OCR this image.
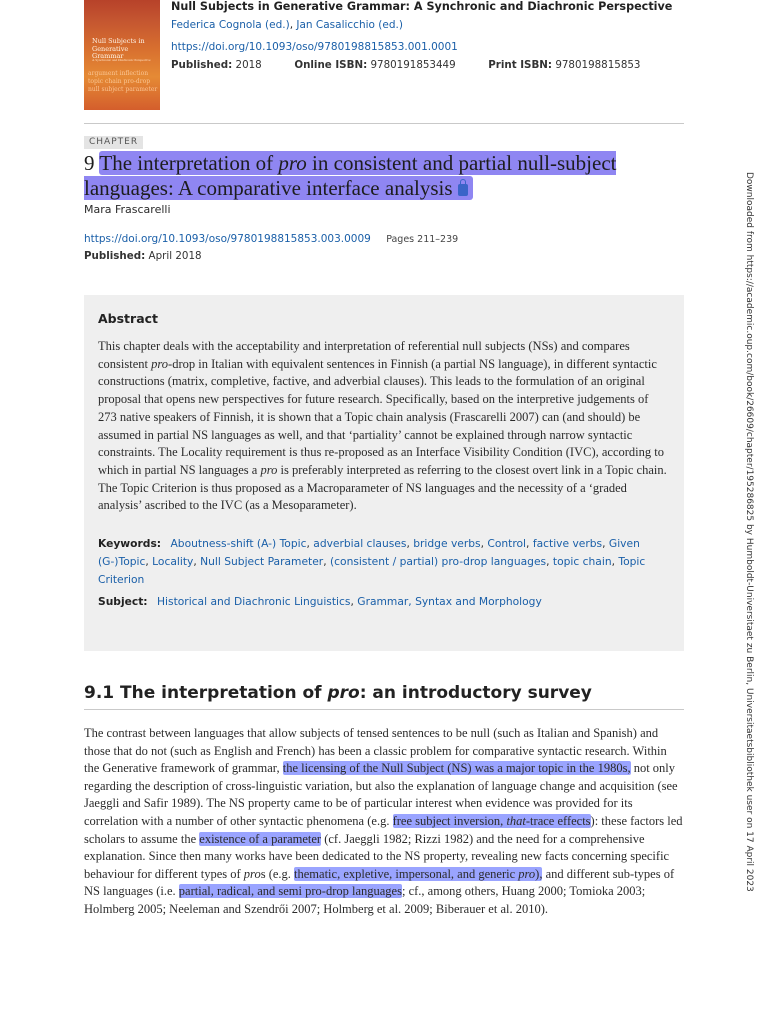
Null Subjects in Generative Grammar
A Synchronic and Diachronic Perspective
argument inflection topic chain pro-drop null subject parameter
Null Subjects in Generative Grammar: A Synchronic and Diachronic Perspective
Federica Cognola (ed.), Jan Casalicchio (ed.)
https://doi.org/10.1093/oso/9780198815853.001.0001
Published: 2018	Online ISBN: 9780191853449	Print ISBN: 9780198815853
CHAPTER
9 The interpretation of pro in consistent and partial null-subject languages: A comparative interface analysis
Mara Frascarelli
https://doi.org/10.1093/oso/9780198815853.003.0009 Pages 211–239
Published: April 2018
Abstract

This chapter deals with the acceptability and interpretation of referential null subjects (NSs) and compares consistent pro-drop in Italian with equivalent sentences in Finnish (a partial NS language), in different syntactic constructions (matrix, completive, factive, and adverbial clauses). This leads to the formulation of an original proposal that opens new perspectives for future research. Specifically, based on the interpretive judgements of 273 native speakers of Finnish, it is shown that a Topic chain analysis (Frascarelli 2007) can (and should) be assumed in partial NS languages as well, and that ‘partiality’ cannot be explained through narrow syntactic constraints. The Locality requirement is thus re-proposed as an Interface Visibility Condition (IVC), according to which in partial NS languages a pro is preferably interpreted as referring to the closest overt link in a Topic chain. The Topic Criterion is thus proposed as a Macroparameter of NS languages and the necessity of a ‘graded analysis’ ascribed to the IVC (as a Mesoparameter).

Keywords: Aboutness-shift (A-) Topic, adverbial clauses, bridge verbs, Control, factive verbs, Given (G-)Topic, Locality, Null Subject Parameter, (consistent / partial) pro-drop languages, topic chain, Topic Criterion
Subject: Historical and Diachronic Linguistics, Grammar, Syntax and Morphology
9.1 The interpretation of pro: an introductory survey

The contrast between languages that allow subjects of tensed sentences to be null (such as Italian and Spanish) and those that do not (such as English and French) has been a classic problem for comparative syntactic research. Within the Generative framework of grammar, the licensing of the Null Subject (NS) was a major topic in the 1980s, not only regarding the description of cross-linguistic variation, but also the explanation of language change and acquisition (see Jaeggli and Safir 1989). The NS property came to be of particular interest when evidence was provided for its correlation with a number of other syntactic phenomena (e.g. free subject inversion, that-trace effects): these factors led scholars to assume the existence of a parameter (cf. Jaeggli 1982; Rizzi 1982) and the need for a comprehensive explanation. Since then many works have been dedicated to the NS property, revealing new facts concerning specific behaviour for different types of pros (e.g. thematic, expletive, impersonal, and generic pro), and different sub-types of NS languages (i.e. partial, radical, and semi pro-drop languages; cf., among others, Huang 2000; Tomioka 2003; Holmberg 2005; Neeleman and Szendrői 2007; Holmberg et al. 2009; Biberauer et al. 2010).

Downloaded from https://academic.oup.com/book/26609/chapter/195286825 by Humboldt-Universitaet zu Berlin, Universitaetsbibliothek user on 17 April 2023
